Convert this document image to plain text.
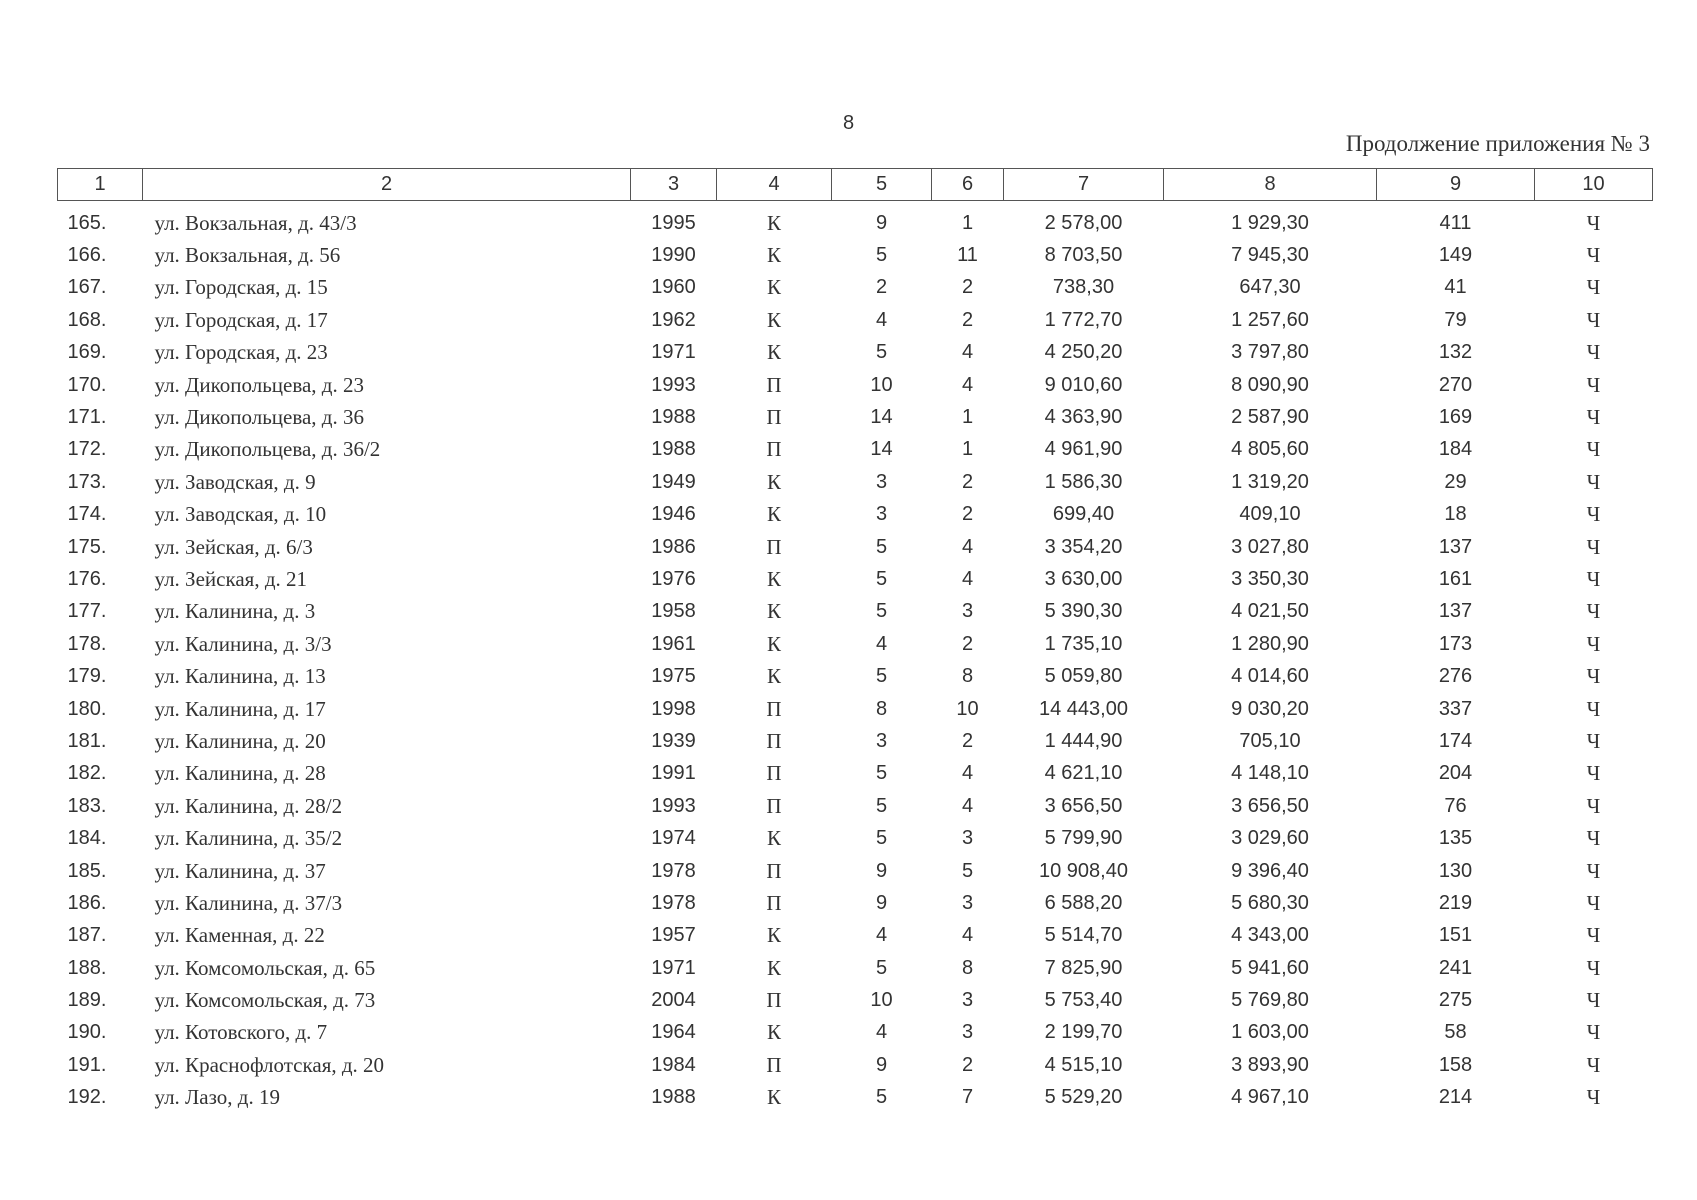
8
Продолжение приложения № 3
1	2	3	4	5	6	7	8	9	10

165.	ул. Вокзальная, д. 43/3	1995	К	9	1	2 578,00	1 929,30	411	Ч
166.	ул. Вокзальная, д. 56	1990	К	5	11	8 703,50	7 945,30	149	Ч
167.	ул. Городская, д. 15	1960	К	2	2	738,30	647,30	41	Ч
168.	ул. Городская, д. 17	1962	К	4	2	1 772,70	1 257,60	79	Ч
169.	ул. Городская, д. 23	1971	К	5	4	4 250,20	3 797,80	132	Ч
170.	ул. Дикопольцева, д. 23	1993	П	10	4	9 010,60	8 090,90	270	Ч
171.	ул. Дикопольцева, д. 36	1988	П	14	1	4 363,90	2 587,90	169	Ч
172.	ул. Дикопольцева, д. 36/2	1988	П	14	1	4 961,90	4 805,60	184	Ч
173.	ул. Заводская, д. 9	1949	К	3	2	1 586,30	1 319,20	29	Ч
174.	ул. Заводская, д. 10	1946	К	3	2	699,40	409,10	18	Ч
175.	ул. Зейская, д. 6/3	1986	П	5	4	3 354,20	3 027,80	137	Ч
176.	ул. Зейская, д. 21	1976	К	5	4	3 630,00	3 350,30	161	Ч
177.	ул. Калинина, д. 3	1958	К	5	3	5 390,30	4 021,50	137	Ч
178.	ул. Калинина, д. 3/3	1961	К	4	2	1 735,10	1 280,90	173	Ч
179.	ул. Калинина, д. 13	1975	К	5	8	5 059,80	4 014,60	276	Ч
180.	ул. Калинина, д. 17	1998	П	8	10	14 443,00	9 030,20	337	Ч
181.	ул. Калинина, д. 20	1939	П	3	2	1 444,90	705,10	174	Ч
182.	ул. Калинина, д. 28	1991	П	5	4	4 621,10	4 148,10	204	Ч
183.	ул. Калинина, д. 28/2	1993	П	5	4	3 656,50	3 656,50	76	Ч
184.	ул. Калинина, д. 35/2	1974	К	5	3	5 799,90	3 029,60	135	Ч
185.	ул. Калинина, д. 37	1978	П	9	5	10 908,40	9 396,40	130	Ч
186.	ул. Калинина, д. 37/3	1978	П	9	3	6 588,20	5 680,30	219	Ч
187.	ул. Каменная, д. 22	1957	К	4	4	5 514,70	4 343,00	151	Ч
188.	ул. Комсомольская, д. 65	1971	К	5	8	7 825,90	5 941,60	241	Ч
189.	ул. Комсомольская, д. 73	2004	П	10	3	5 753,40	5 769,80	275	Ч
190.	ул. Котовского, д. 7	1964	К	4	3	2 199,70	1 603,00	58	Ч
191.	ул. Краснофлотская, д. 20	1984	П	9	2	4 515,10	3 893,90	158	Ч
192.	ул. Лазо, д. 19	1988	К	5	7	5 529,20	4 967,10	214	Ч
